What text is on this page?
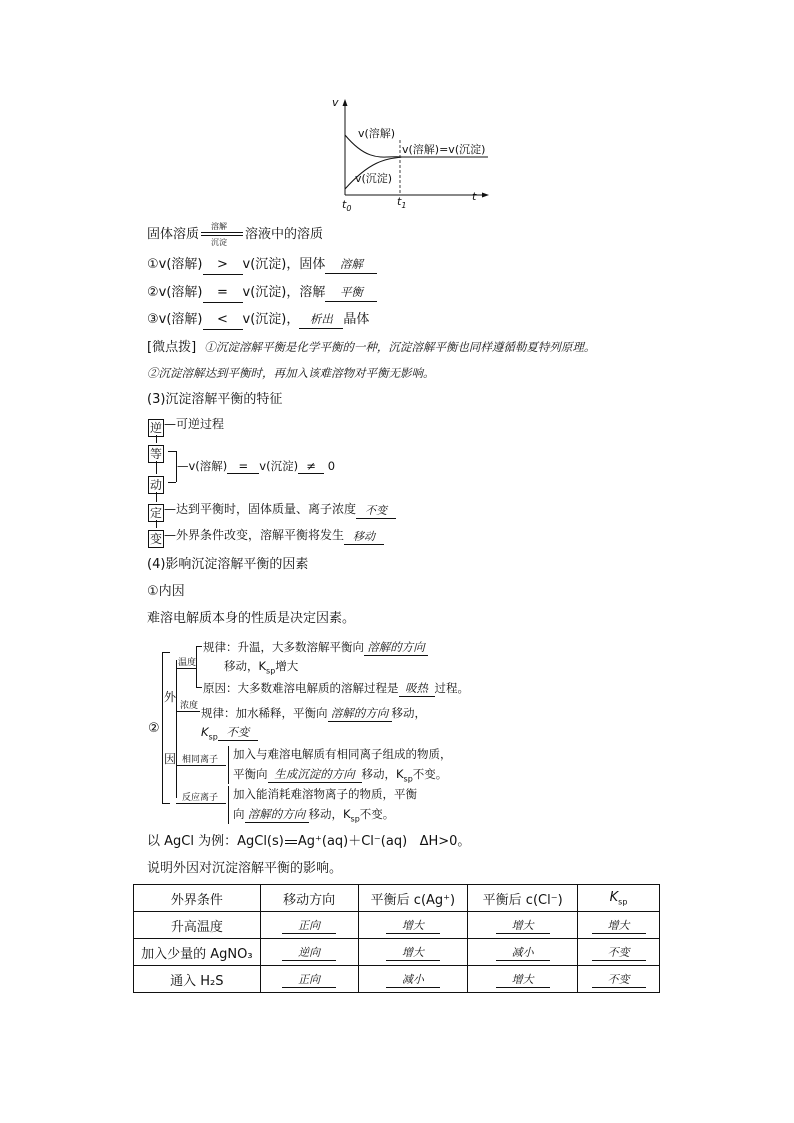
v
t
$t_0$
$t_1$
v(溶解)
v(沉淀)
v(溶解)=v(沉淀)
固体溶质
溶解
沉淀
溶液中的溶质
①v(溶解) > v(沉淀)，固体 溶解
②v(溶解) = v(沉淀)，溶解 平衡
③v(溶解) < v(沉淀)， 析出 晶体
[微点拨] ①沉淀溶解平衡是化学平衡的一种，沉淀溶解平衡也同样遵循勒夏特列原理。
②沉淀溶解达到平衡时，再加入该难溶物对平衡无影响。
(3)沉淀溶解平衡的特征
逆 $^{—可逆过程}$
等
动
—v(溶解) = v(沉淀) ≠ 0
定 $^{—达到平衡时,固体质量、离子浓度}$ 不变
变 $^{—外界条件改变,溶解平衡将发生}$ 移动
(4)影响沉淀溶解平衡的因素
①内因
难溶电解质本身的性质是决定因素。
②
外
因
温度
规律：升温，大多数溶解平衡向 溶解的方向
移动，$K_{sp}$增大
原因：大多数难溶电解质的溶解过程是 吸热 过程。
浓度 规律：加水稀释，平衡向 溶解的方向 移动，
$K_{sp}$ 不变
相同离子 加入与难溶电解质有相同离子组成的物质，
平衡向 生成沉淀的方向 移动，$K_{sp}$不变。
反应离子 加入能消耗难溶物离子的物质，平衡
向 溶解的方向 移动，$K_{sp}$不变。
以 AgCl 为例：AgCl(s) Ag⁺(aq)＋Cl⁻(aq) ΔH>0。
说明外因对沉淀溶解平衡的影响。
外界条件	移动方向	平衡后 c(Ag⁺)	平衡后 c(Cl⁻)	$K_{sp}$
升高温度	正向	增大	增大	增大
加入少量的 AgNO₃	逆向	增大	减小	不变
通入 H₂S	正向	减小	增大	不变
